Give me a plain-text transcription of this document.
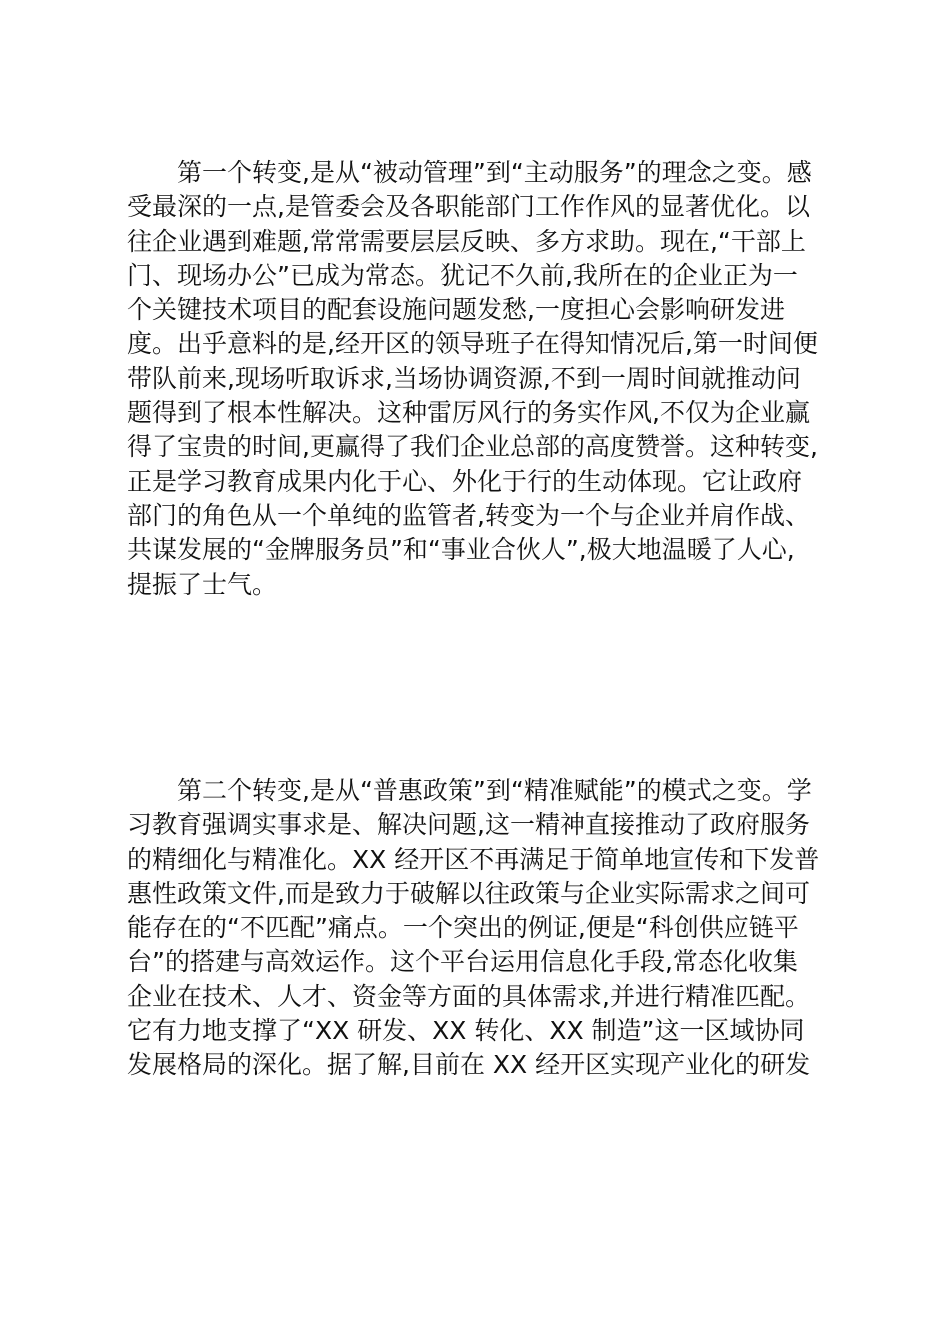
第一个转变,是从“被动管理”到“主动服务”的理念之变。感
受最深的一点,是管委会及各职能部门工作作风的显著优化。以
往企业遇到难题,常常需要层层反映、多方求助。现在,“干部上
门、现场办公”已成为常态。犹记不久前,我所在的企业正为一
个关键技术项目的配套设施问题发愁,一度担心会影响研发进
度。出乎意料的是,经开区的领导班子在得知情况后,第一时间便
带队前来,现场听取诉求,当场协调资源,不到一周时间就推动问
题得到了根本性解决。这种雷厉风行的务实作风,不仅为企业赢
得了宝贵的时间,更赢得了我们企业总部的高度赞誉。这种转变,
正是学习教育成果内化于心、外化于行的生动体现。它让政府
部门的角色从一个单纯的监管者,转变为一个与企业并肩作战、
共谋发展的“金牌服务员”和“事业合伙人”,极大地温暖了人心,
提振了士气。
第二个转变,是从“普惠政策”到“精准赋能”的模式之变。学
习教育强调实事求是、解决问题,这一精神直接推动了政府服务
的精细化与精准化。XX 经开区不再满足于简单地宣传和下发普
惠性政策文件,而是致力于破解以往政策与企业实际需求之间可
能存在的“不匹配”痛点。一个突出的例证,便是“科创供应链平
台”的搭建与高效运作。这个平台运用信息化手段,常态化收集
企业在技术、人才、资金等方面的具体需求,并进行精准匹配。
它有力地支撑了“XX 研发、XX 转化、XX 制造”这一区域协同
发展格局的深化。据了解,目前在 XX 经开区实现产业化的研发
